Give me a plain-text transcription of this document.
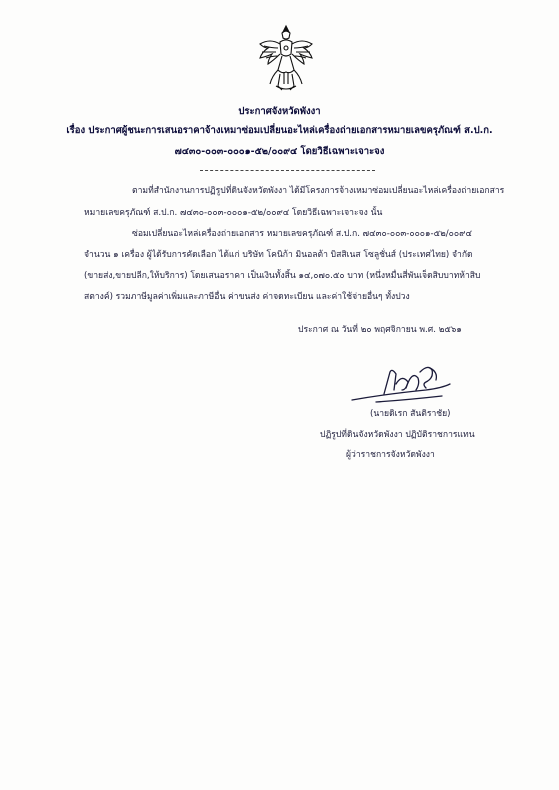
ประกาศจังหวัดพังงา
เรื่อง ประกาศผู้ชนะการเสนอราคาจ้างเหมาซ่อมเปลี่ยนอะไหล่เครื่องถ่ายเอกสารหมายเลขครุภัณฑ์ ส.ป.ก.
๗๔๓๐-๐๐๓-๐๐๐๑-๕๒/๐๐๙๔ โดยวิธีเฉพาะเจาะจง
ตามที่สำนักงานการปฏิรูปที่ดินจังหวัดพังงา ได้มีโครงการจ้างเหมาซ่อมเปลี่ยนอะไหล่เครื่องถ่ายเอกสาร
หมายเลขครุภัณฑ์ ส.ป.ก. ๗๔๓๐-๐๐๓-๐๐๐๑-๕๒/๐๐๙๔ โดยวิธีเฉพาะเจาะจง นั้น
ซ่อมเปลี่ยนอะไหล่เครื่องถ่ายเอกสาร หมายเลขครุภัณฑ์ ส.ป.ก. ๗๔๓๐-๐๐๓-๐๐๐๑-๕๒/๐๐๙๔
จำนวน ๑ เครื่อง ผู้ได้รับการคัดเลือก ได้แก่ บริษัท โคนิก้า มินอลต้า บิสสิเนส โซลูชั่นส์ (ประเทศไทย) จำกัด
(ขายส่ง,ขายปลีก,ให้บริการ) โดยเสนอราคา เป็นเงินทั้งสิ้น ๑๔,๐๗๐.๕๐ บาท (หนึ่งหมื่นสี่พันเจ็ดสิบบาทห้าสิบ
สตางค์) รวมภาษีมูลค่าเพิ่มและภาษีอื่น ค่าขนส่ง ค่าจดทะเบียน และค่าใช้จ่ายอื่นๆ ทั้งปวง
ประกาศ ณ วันที่ ๒๐ พฤศจิกายน พ.ศ. ๒๕๖๑
(นายดิเรก สันติราชัย)
ปฏิรูปที่ดินจังหวัดพังงา ปฏิบัติราชการแทน
ผู้ว่าราชการจังหวัดพังงา
